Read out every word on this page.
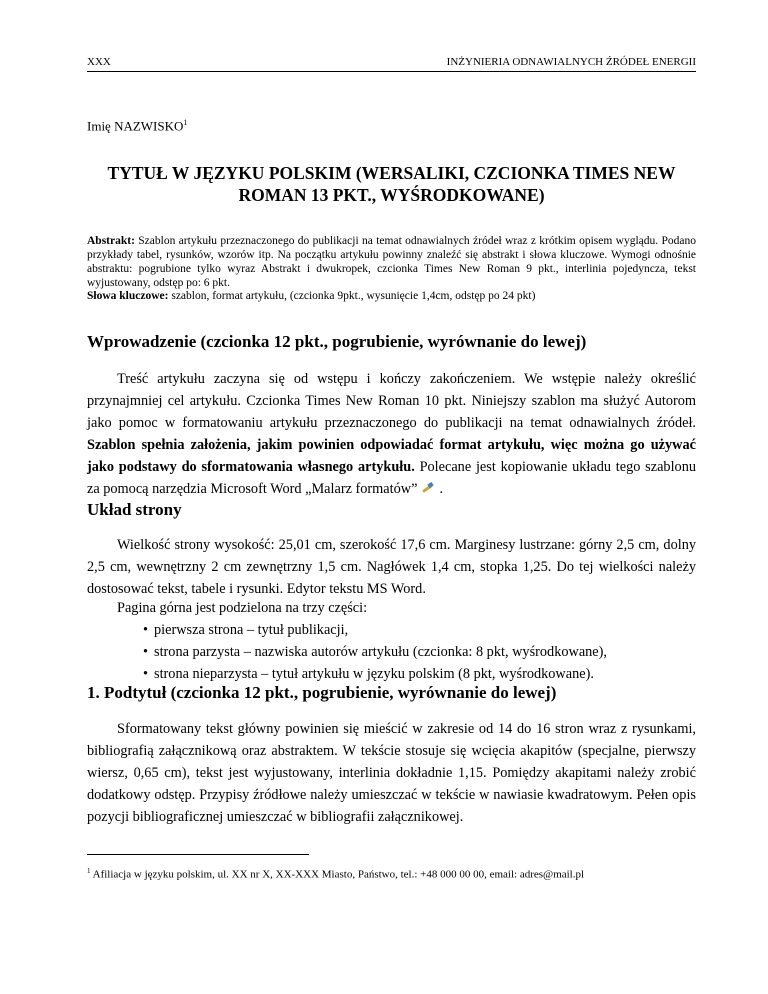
XXX	INŻYNIERIA ODNAWIALNYCH ŹRÓDEŁ ENERGII
Imię NAZWISKO$^1$
TYTUŁ W JĘZYKU POLSKIM (WERSALIKI, CZCIONKA TIMES NEW ROMAN 13 PKT., WYŚRODKOWANE)
Abstrakt: Szablon artykułu przeznaczonego do publikacji na temat odnawialnych źródeł wraz z krótkim opisem wyglądu. Podano przykłady tabel, rysunków, wzorów itp. Na początku artykułu powinny znaleźć się abstrakt i słowa kluczowe. Wymogi odnośnie abstraktu: pogrubione tylko wyraz Abstrakt i dwukropek, czcionka Times New Roman 9 pkt., interlinia pojedyncza, tekst wyjustowany, odstęp po: 6 pkt.
Słowa kluczowe: szablon, format artykułu, (czcionka 9pkt., wysunięcie 1,4cm, odstęp po 24 pkt)
Wprowadzenie (czcionka 12 pkt., pogrubienie, wyrównanie do lewej)
Treść artykułu zaczyna się od wstępu i kończy zakończeniem. We wstępie należy określić przynajmniej cel artykułu. Czcionka Times New Roman 10 pkt. Niniejszy szablon ma służyć Autorom jako pomoc w formatowaniu artykułu przeznaczonego do publikacji na temat odnawialnych źródeł. Szablon spełnia założenia, jakim powinien odpowiadać format artykułu, więc można go używać jako podstawy do sformatowania własnego artykułu. Polecane jest kopiowanie układu tego szablonu za pomocą narzędzia Microsoft Word „Malarz formatów” .
Układ strony
Wielkość strony wysokość: 25,01 cm, szerokość 17,6 cm. Marginesy lustrzane: górny 2,5 cm, dolny 2,5 cm, wewnętrzny 2 cm zewnętrzny 1,5 cm. Nagłówek 1,4 cm, stopka 1,25. Do tej wielkości należy dostosować tekst, tabele i rysunki. Edytor tekstu MS Word.
Pagina górna jest podzielona na trzy części:
• pierwsza strona – tytuł publikacji,
• strona parzysta – nazwiska autorów artykułu (czcionka: 8 pkt, wyśrodkowane),
• strona nieparzysta – tytuł artykułu w języku polskim (8 pkt, wyśrodkowane).
1. Podtytuł (czcionka 12 pkt., pogrubienie, wyrównanie do lewej)
Sformatowany tekst główny powinien się mieścić w zakresie od 14 do 16 stron wraz z rysunkami, bibliografią załącznikową oraz abstraktem. W tekście stosuje się wcięcia akapitów (specjalne, pierwszy wiersz, 0,65 cm), tekst jest wyjustowany, interlinia dokładnie 1,15. Pomiędzy akapitami należy zrobić dodatkowy odstęp. Przypisy źródłowe należy umieszczać w tekście w nawiasie kwadratowym. Pełen opis pozycji bibliograficznej umieszczać w bibliografii załącznikowej.
$^1$ Afiliacja w języku polskim, ul. XX nr X, XX-XXX Miasto, Państwo, tel.: +48 000 00 00, email: adres@mail.pl
